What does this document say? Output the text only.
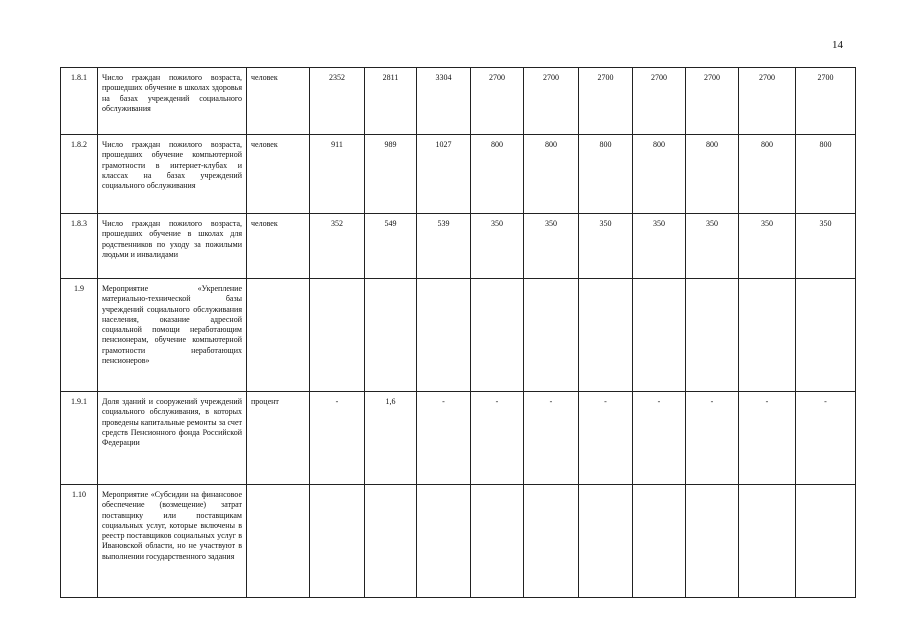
14
1.8.1	Число граждан пожилого возраста, прошедших обучение в школах здоровья на базах учреждений социального обслуживания	человек	2352	2811	3304	2700	2700	2700	2700	2700	2700	2700
1.8.2	Число граждан пожилого возраста, прошедших обучение компьютерной грамотности в интернет-клубах и классах на базах учреждений социального обслуживания	человек	911	989	1027	800	800	800	800	800	800	800
1.8.3	Число граждан пожилого возраста, прошедших обучение в школах для родственников по уходу за пожилыми людьми и инвалидами	человек	352	549	539	350	350	350	350	350	350	350
1.9	Мероприятие «Укрепление материально-технической базы учреждений социального обслуживания населения, оказание адресной социальной помощи неработающим пенсионерам, обучение компьютерной грамотности неработающих пенсионеров»											
1.9.1	Доля зданий и сооружений учреждений социального обслуживания, в которых проведены капитальные ремонты за счет средств Пенсионного фонда Российской Федерации	процент	-	1,6	-	-	-	-	-	-	-	-
1.10	Мероприятие «Субсидии на финансовое обеспечение (возмещение) затрат поставщику или поставщикам социальных услуг, которые включены в реестр поставщиков социальных услуг в Ивановской области, но не участвуют в выполнении государственного задания											
